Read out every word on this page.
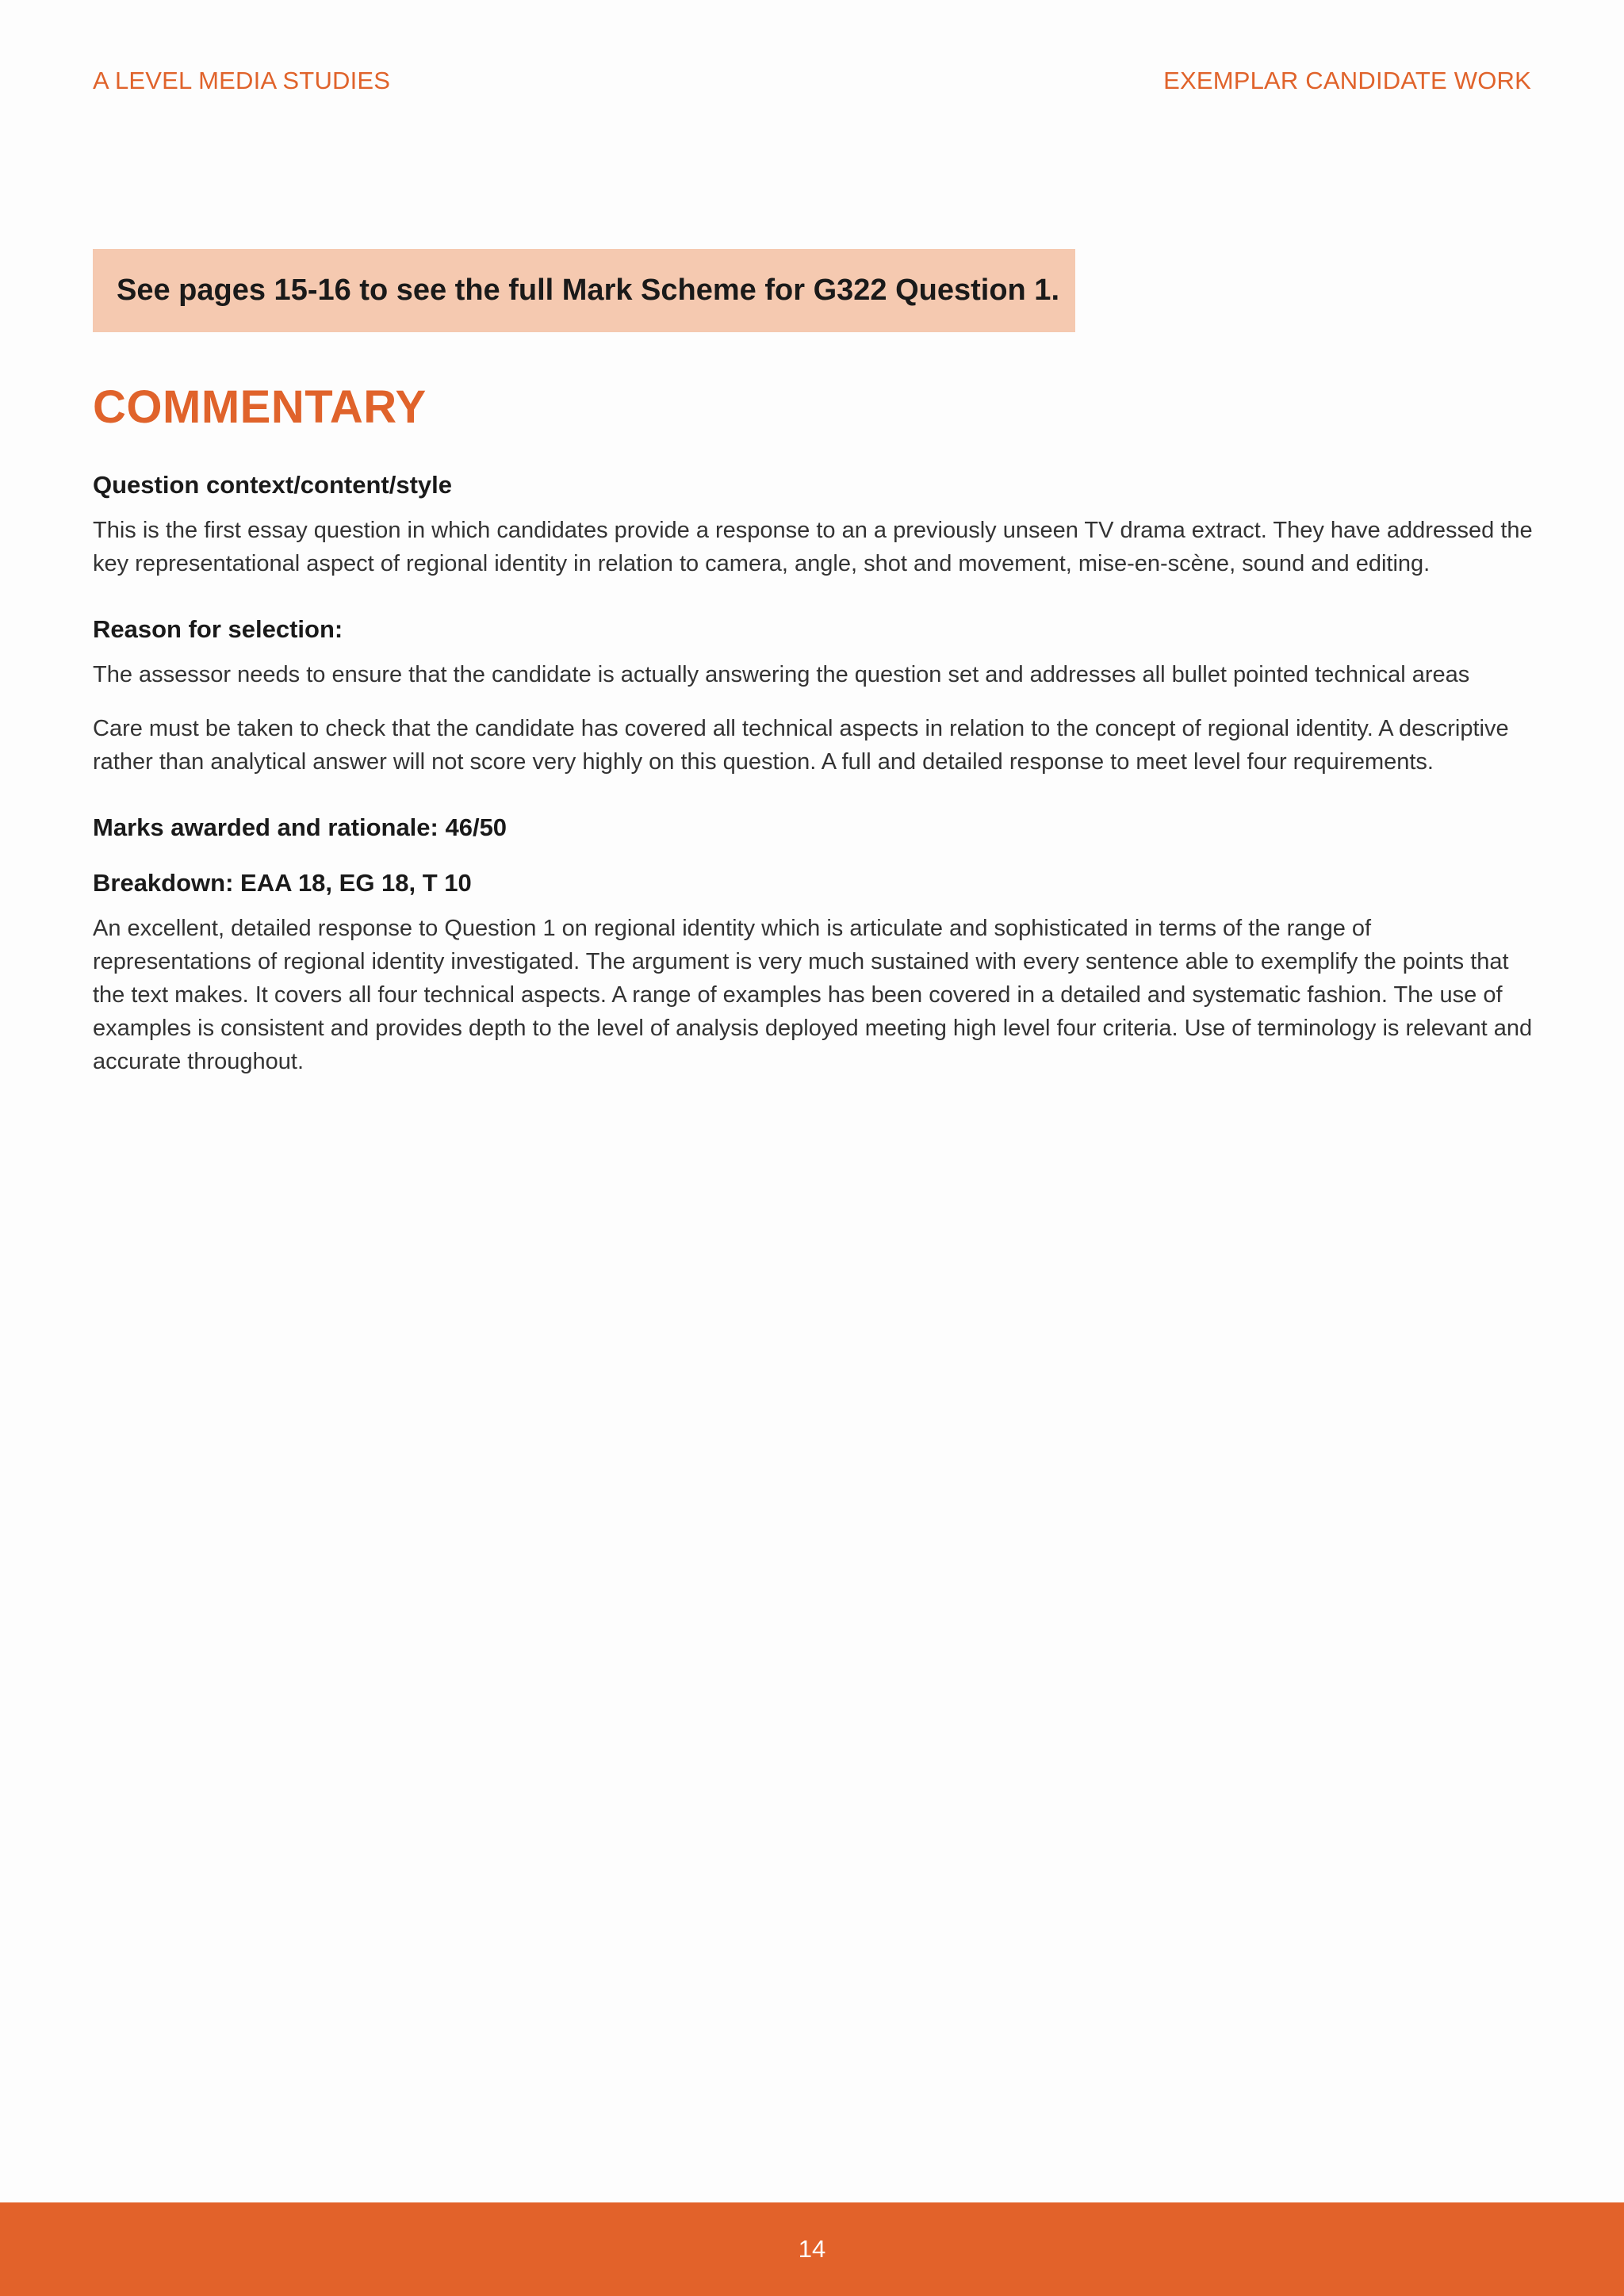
A LEVEL MEDIA STUDIES	EXEMPLAR CANDIDATE WORK
See pages 15-16 to see the full Mark Scheme for G322 Question 1.
COMMENTARY
Question context/content/style

This is the first essay question in which candidates provide a response to an a previously unseen TV drama extract. They have addressed the key representational aspect of regional identity in relation to camera, angle, shot and movement, mise-en-scène, sound and editing.

Reason for selection:

The assessor needs to ensure that the candidate is actually answering the question set and addresses all bullet pointed technical areas

Care must be taken to check that the candidate has covered all technical aspects in relation to the concept of regional identity. A descriptive rather than analytical answer will not score very highly on this question. A full and detailed response to meet level four requirements.

Marks awarded and rationale: 46/50
Breakdown: EAA 18, EG 18, T 10

An excellent, detailed response to Question 1 on regional identity which is articulate and sophisticated in terms of the range of representations of regional identity investigated. The argument is very much sustained with every sentence able to exemplify the points that the text makes. It covers all four technical aspects. A range of examples has been covered in a detailed and systematic fashion. The use of examples is consistent and provides depth to the level of analysis deployed meeting high level four criteria. Use of terminology is relevant and accurate throughout.

14
